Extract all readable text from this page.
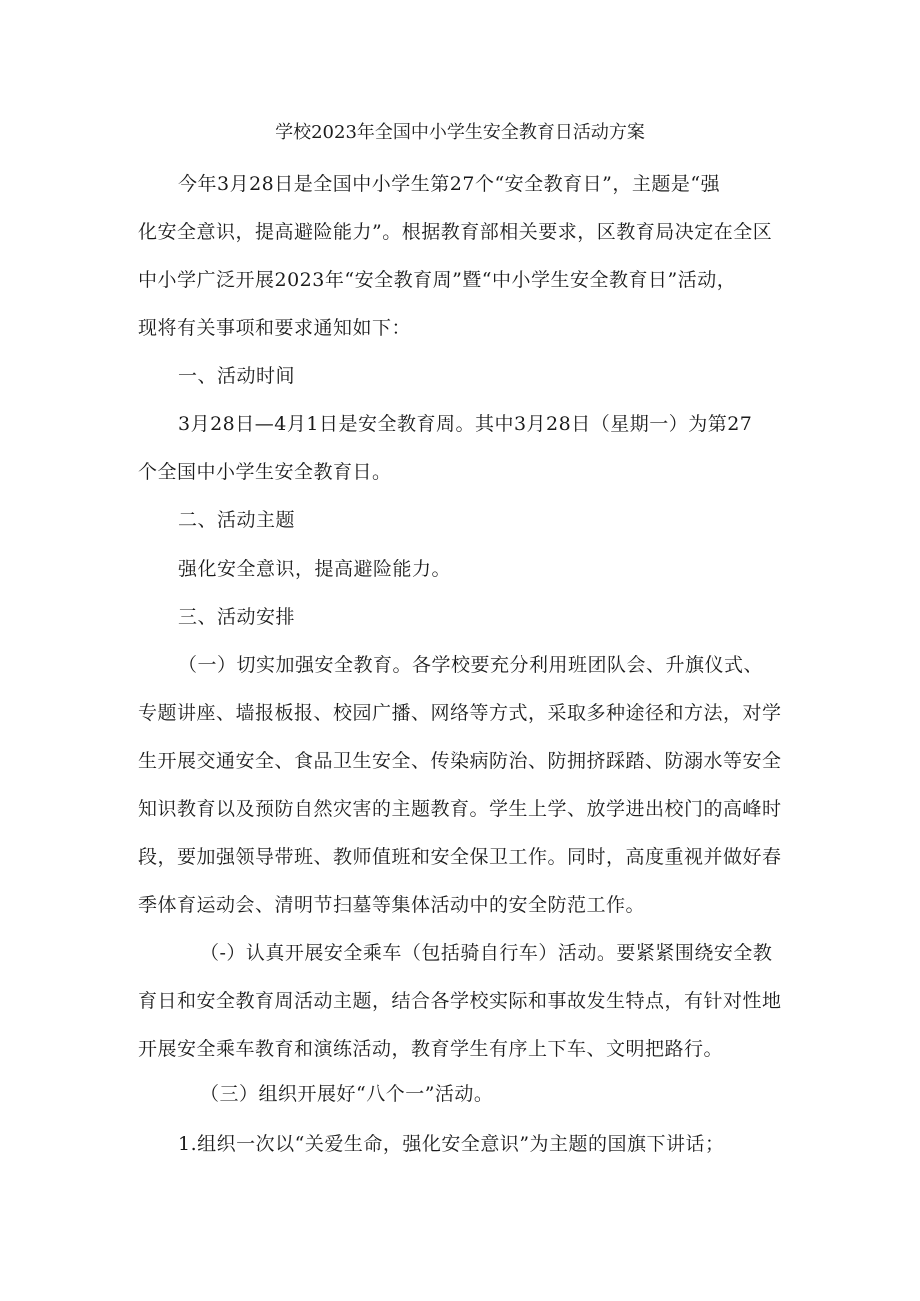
学校2023年全国中小学生安全教育日活动方案
今年3月28日是全国中小学生第27个“安全教育日”，主题是“强
化安全意识，提高避险能力”。根据教育部相关要求，区教育局决定在全区
中小学广泛开展2023年“安全教育周”暨“中小学生安全教育日”活动，
现将有关事项和要求通知如下：
一、活动时间
3月28日—4月1日是安全教育周。其中3月28日（星期一）为第27
个全国中小学生安全教育日。
二、活动主题
强化安全意识，提高避险能力。
三、活动安排
（一）切实加强安全教育。各学校要充分利用班团队会、升旗仪式、
专题讲座、墙报板报、校园广播、网络等方式，采取多种途径和方法，对学
生开展交通安全、食品卫生安全、传染病防治、防拥挤踩踏、防溺水等安全
知识教育以及预防自然灾害的主题教育。学生上学、放学进出校门的高峰时
段，要加强领导带班、教师值班和安全保卫工作。同时，高度重视并做好春
季体育运动会、清明节扫墓等集体活动中的安全防范工作。
（-）认真开展安全乘车（包括骑自行车）活动。要紧紧围绕安全教
育日和安全教育周活动主题，结合各学校实际和事故发生特点，有针对性地
开展安全乘车教育和演练活动，教育学生有序上下车、文明把路行。
（三）组织开展好“八个一”活动。
1.组织一次以“关爱生命，强化安全意识”为主题的国旗下讲话；
